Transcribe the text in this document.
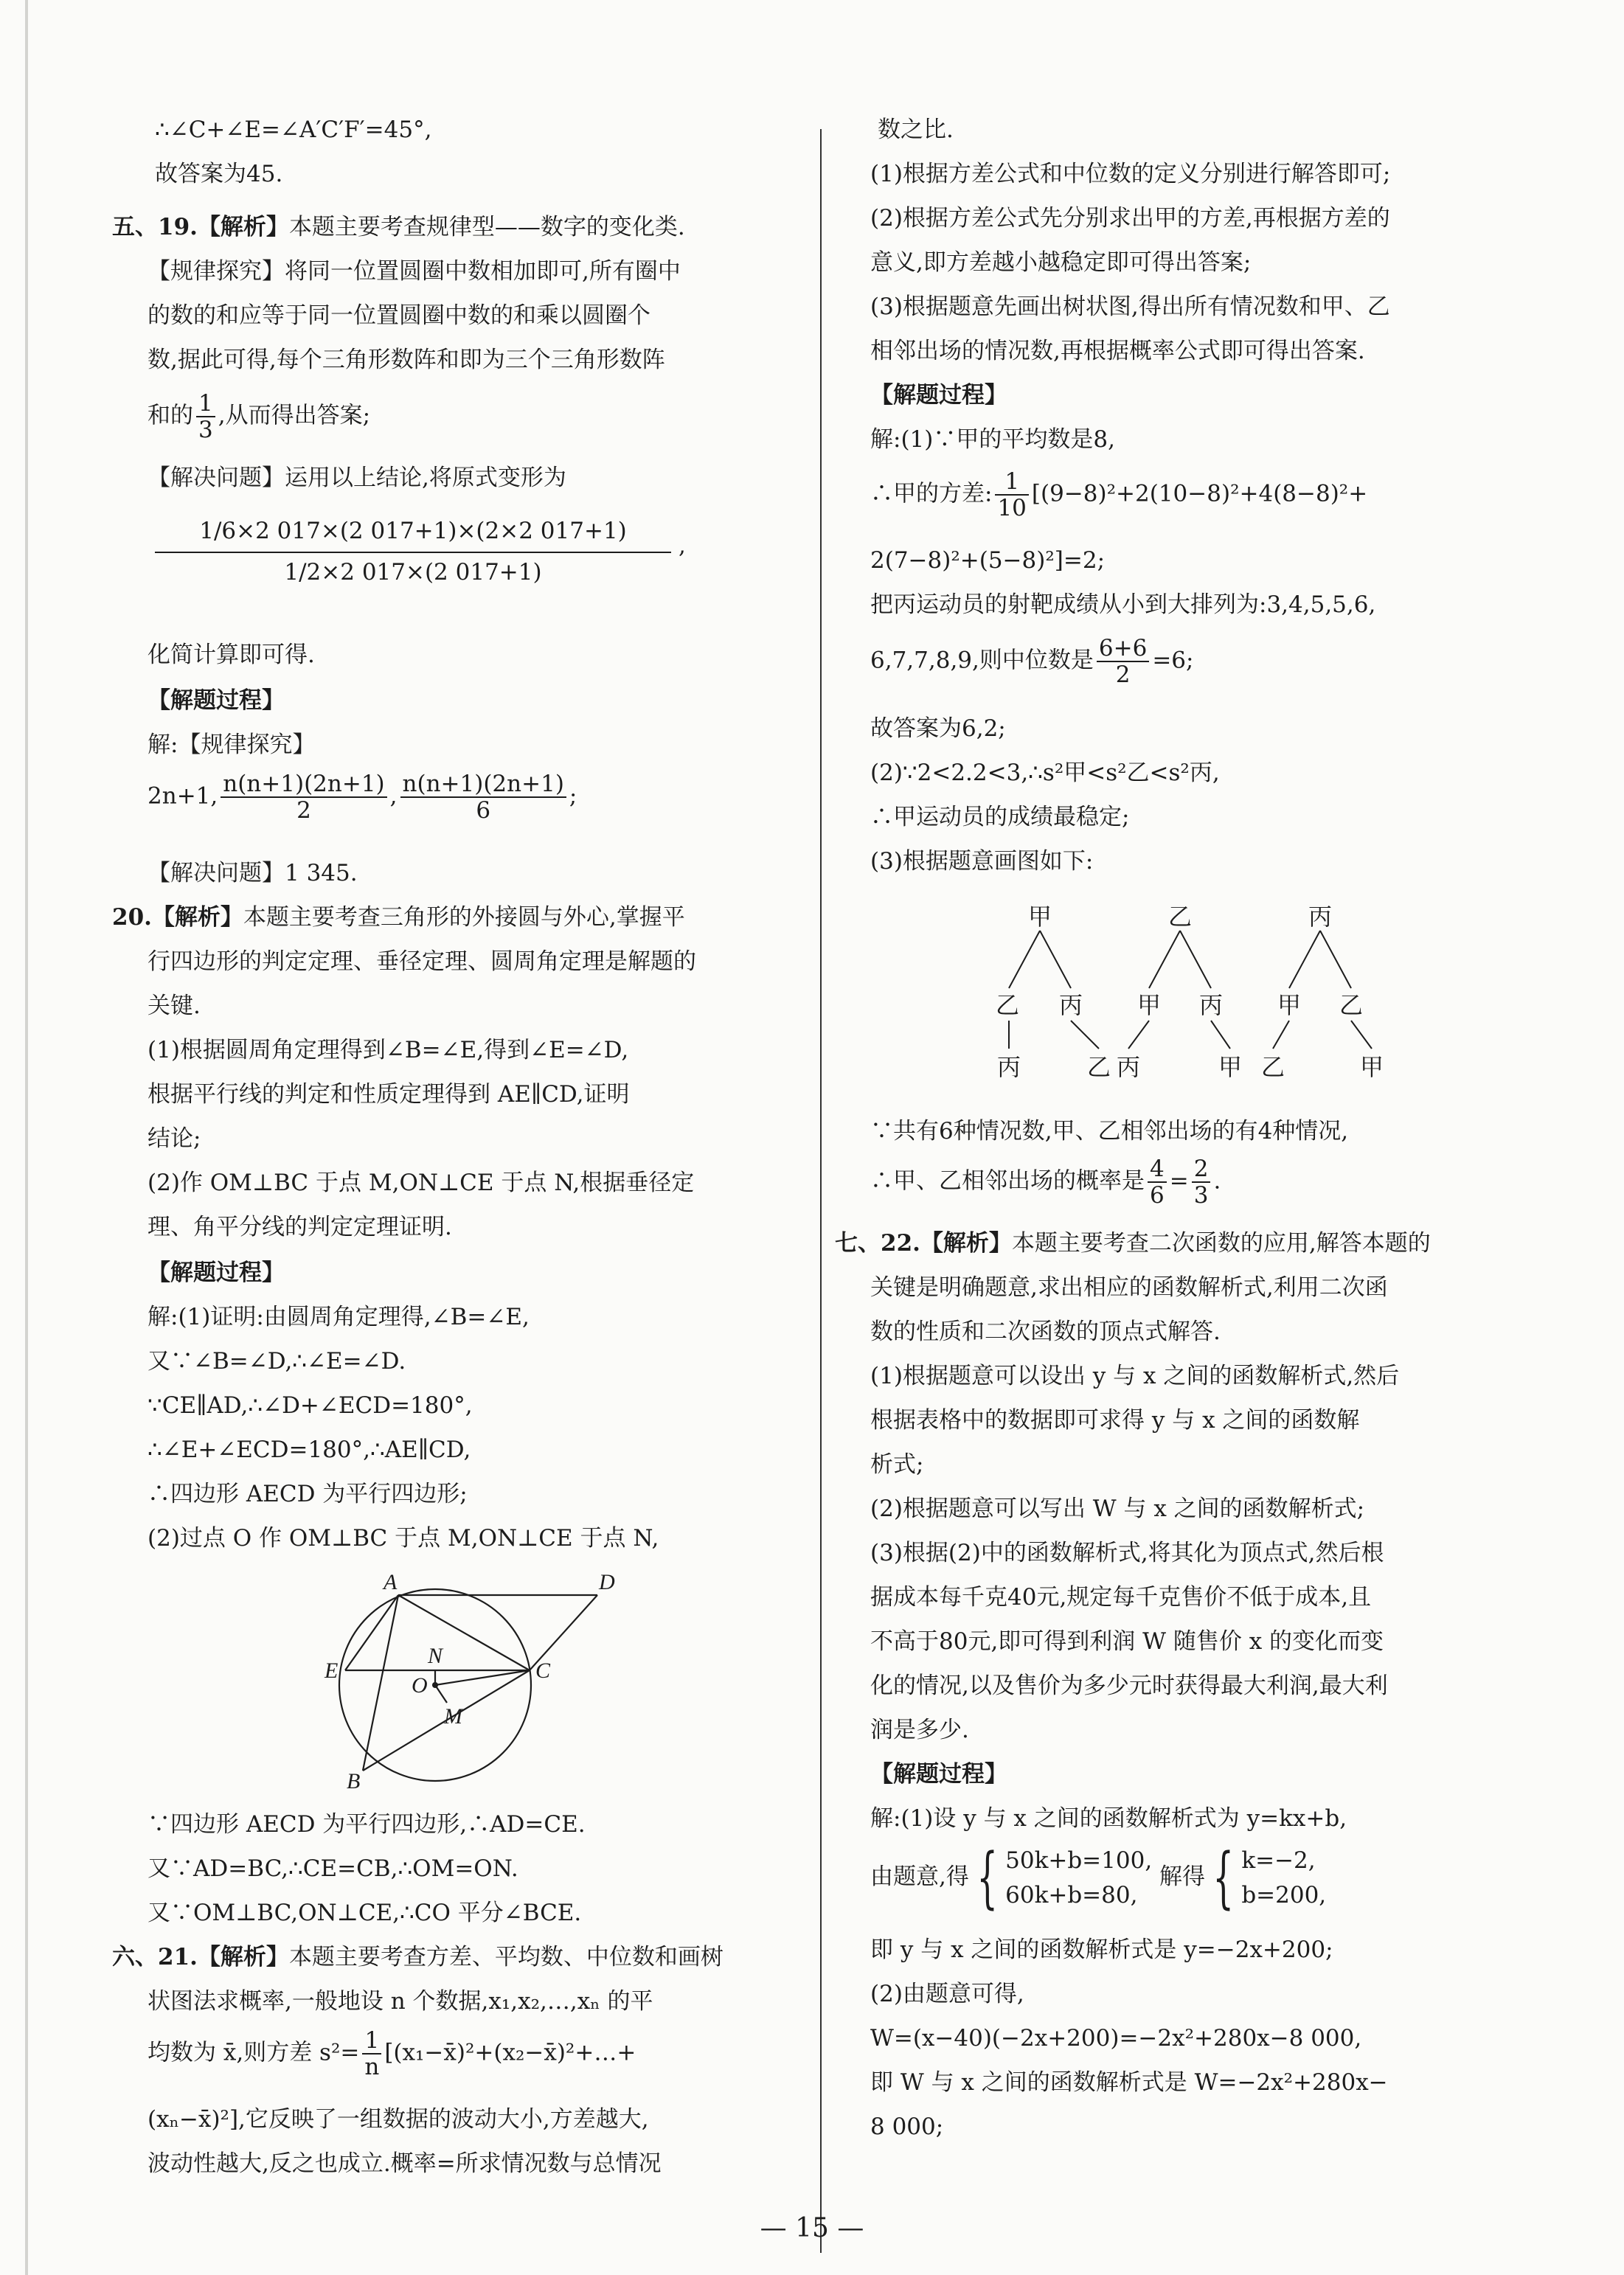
∴∠C+∠E=∠A′C′F′=45°,
故答案为45.
五、19.【解析】本题主要考查规律型——数字的变化类.
【规律探究】将同一位置圆圈中数相加即可,所有圈中
的数的和应等于同一位置圆圈中数的和乘以圆圈个
数,据此可得,每个三角形数阵和即为三个三角形数阵
和的 $\frac{1}{3}$ ,从而得出答案;
【解决问题】运用以上结论,将原式变形为
$\frac{1/6\times 2 017\times(2 017+1)\times(2\times 2 017+1)}{1/2\times 2 017\times(2 017+1)}$ ,
化简计算即可得.
【解题过程】
解:【规律探究】
2n+1, $\frac{n(n+1)(2n+1)}{2}$ , $\frac{n(n+1)(2n+1)}{6}$ ;
【解决问题】1 345.
20.【解析】本题主要考查三角形的外接圆与外心,掌握平
行四边形的判定定理、垂径定理、圆周角定理是解题的
关键.
(1)根据圆周角定理得到∠B=∠E,得到∠E=∠D,
根据平行线的判定和性质定理得到 AE∥CD,证明
结论;
(2)作 OM⊥BC 于点 M,ON⊥CE 于点 N,根据垂径定
理、角平分线的判定定理证明.
【解题过程】
解:(1)证明:由圆周角定理得,∠B=∠E,
又∵∠B=∠D,∴∠E=∠D.
∵CE∥AD,∴∠D+∠ECD=180°,
∴∠E+∠ECD=180°,∴AE∥CD,
∴四边形 AECD 为平行四边形;
(2)过点 O 作 OM⊥BC 于点 M,ON⊥CE 于点 N,
A	D
E	C
N
O
M
B
∵四边形 AECD 为平行四边形,∴AD=CE.
又∵AD=BC,∴CE=CB,∴OM=ON.
又∵OM⊥BC,ON⊥CE,∴CO 平分∠BCE.
六、21.【解析】本题主要考查方差、平均数、中位数和画树
状图法求概率,一般地设 n 个数据,x₁,x₂,…,xₙ 的平
均数为 x̄,则方差 $s^2= \frac{1}{n}$ [(x₁−x̄)²+(x₂−x̄)²+…+
(xₙ−x̄)²],它反映了一组数据的波动大小,方差越大,
波动性越大,反之也成立.概率=所求情况数与总情况
数之比.
(1)根据方差公式和中位数的定义分别进行解答即可;
(2)根据方差公式先分别求出甲的方差,再根据方差的
意义,即方差越小越稳定即可得出答案;
(3)根据题意先画出树状图,得出所有情况数和甲、乙
相邻出场的情况数,再根据概率公式即可得出答案.
【解题过程】
解:(1)∵甲的平均数是8,
∴甲的方差: $\frac{1}{10} [(9-8)^2+2(10-8)^2+4(8-8)^2+$
2(7−8)²+(5−8)²]=2;
把丙运动员的射靶成绩从小到大排列为:3,4,5,5,6,
6,7,7,8,9,则中位数是 $\frac{6+6}{2} =6$;
故答案为6,2;
(2)∵2<2.2<3,∴s²甲<s²乙<s²丙,
∴甲运动员的成绩最稳定;
(3)根据题意画图如下:
甲	乙	丙
乙 丙 甲 丙 甲 乙
丙	乙 丙	甲 乙	甲
∵共有6种情况数,甲、乙相邻出场的有4种情况,
∴甲、乙相邻出场的概率是 $\frac{4}{6} = \frac{2}{3}$ .
七、22.【解析】本题主要考查二次函数的应用,解答本题的
关键是明确题意,求出相应的函数解析式,利用二次函
数的性质和二次函数的顶点式解答.
(1)根据题意可以设出 y 与 x 之间的函数解析式,然后
根据表格中的数据即可求得 y 与 x 之间的函数解
析式;
(2)根据题意可以写出 W 与 x 之间的函数解析式;
(3)根据(2)中的函数解析式,将其化为顶点式,然后根
据成本每千克40元,规定每千克售价不低于成本,且
不高于80元,即可得到利润 W 随售价 x 的变化而变
化的情况,以及售价为多少元时获得最大利润,最大利
润是多少.
【解题过程】
解:(1)设 y 与 x 之间的函数解析式为 y=kx+b,
由题意,得 { 50k+b=100,
60k+b=80,
解得 { k=−2,
b=200,
即 y 与 x 之间的函数解析式是 y=−2x+200;
(2)由题意可得,
W=(x−40)(−2x+200)=−2x²+280x−8 000,
即 W 与 x 之间的函数解析式是 W=−2x²+280x−
8 000;
— 15 —
